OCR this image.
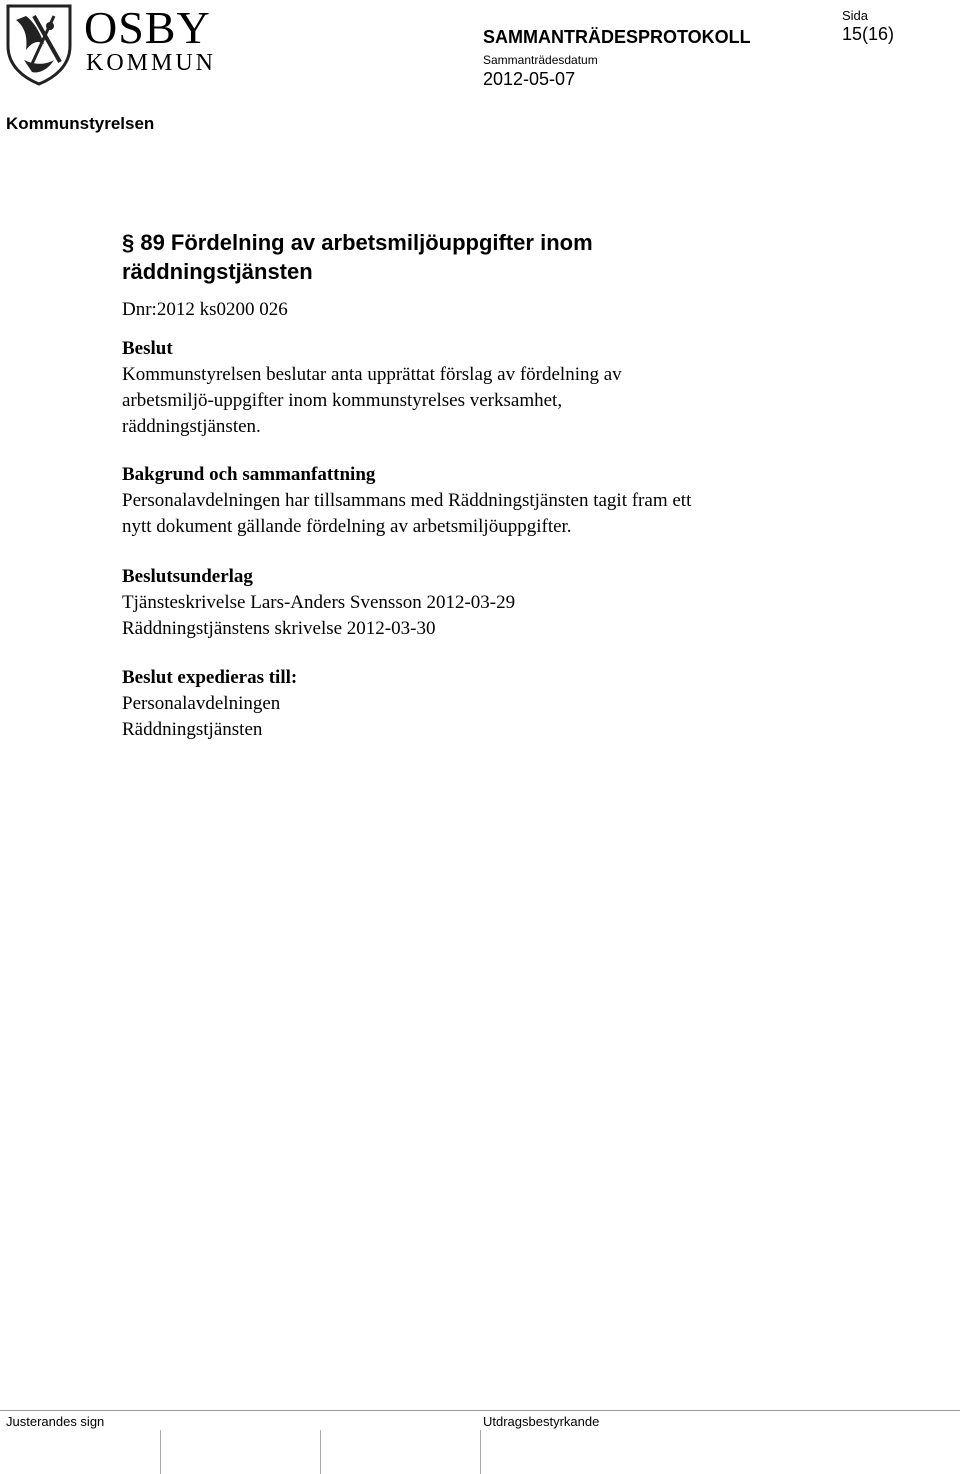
OSBY
KOMMUN
SAMMANTRÄDESPROTOKOLL
Sammanträdesdatum
2012-05-07
Sida
15(16)
Kommunstyrelsen
§ 89 Fördelning av arbetsmiljöuppgifter inom
räddningstjänsten
Dnr:2012 ks0200 026
Beslut
Kommunstyrelsen beslutar anta upprättat förslag av fördelning av
arbetsmiljö-uppgifter inom kommunstyrelses verksamhet,
räddningstjänsten.
Bakgrund och sammanfattning
Personalavdelningen har tillsammans med Räddningstjänsten tagit fram ett
nytt dokument gällande fördelning av arbetsmiljöuppgifter.
Beslutsunderlag
Tjänsteskrivelse Lars-Anders Svensson 2012-03-29
Räddningstjänstens skrivelse 2012-03-30
Beslut expedieras till:
Personalavdelningen
Räddningstjänsten
Justerandes sign	Utdragsbestyrkande
